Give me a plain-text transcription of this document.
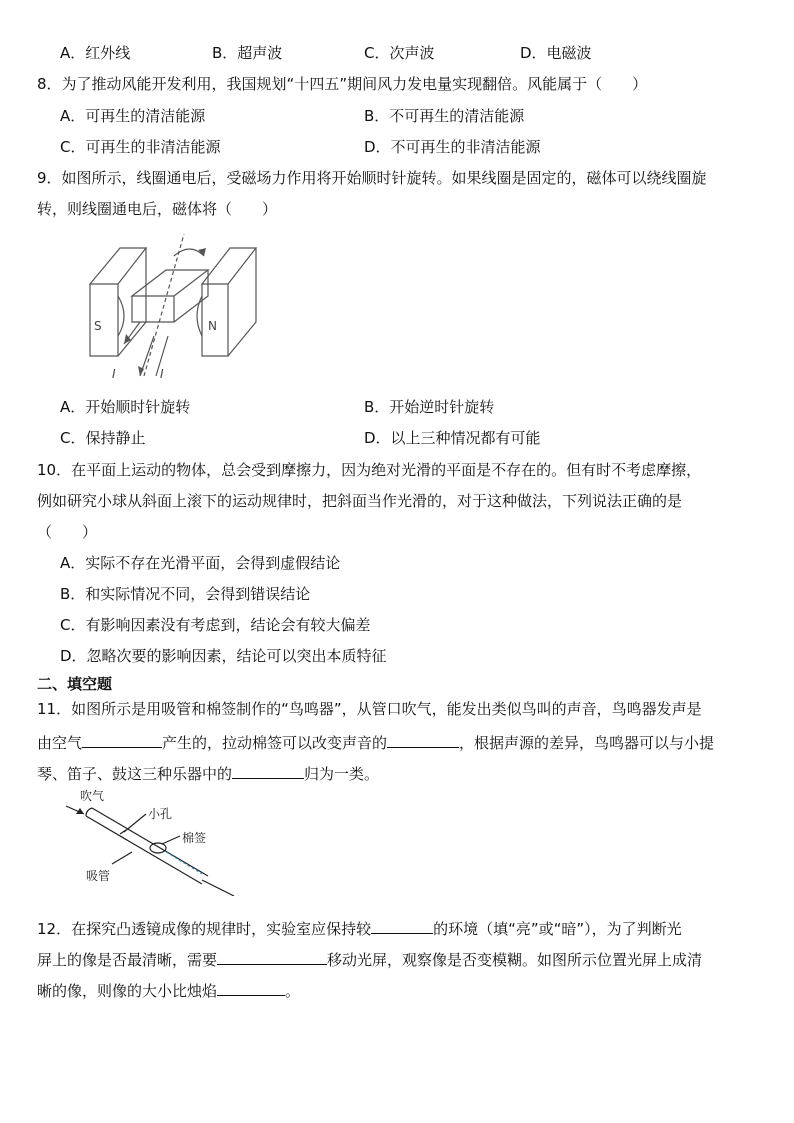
A．红外线	B．超声波	C．次声波	D．电磁波
8．为了推动风能开发利用，我国规划“十四五”期间风力发电量实现翻倍。风能属于（　　）
A．可再生的清洁能源	B．不可再生的清洁能源
C．可再生的非清洁能源	D．不可再生的非清洁能源
9．如图所示，线圈通电后，受磁场力作用将开始顺时针旋转。如果线圈是固定的，磁体可以绕线圈旋
转，则线圈通电后，磁体将（　　）
S	N
I	I
A．开始顺时针旋转	B．开始逆时针旋转
C．保持静止	D．以上三种情况都有可能
10．在平面上运动的物体，总会受到摩擦力，因为绝对光滑的平面是不存在的。但有时不考虑摩擦，
例如研究小球从斜面上滚下的运动规律时，把斜面当作光滑的，对于这种做法，下列说法正确的是
（　　）
A．实际不存在光滑平面，会得到虚假结论
B．和实际情况不同，会得到错误结论
C．有影响因素没有考虑到，结论会有较大偏差
D．忽略次要的影响因素，结论可以突出本质特征
二、填空题
11．如图所示是用吸管和棉签制作的“鸟鸣器”，从管口吹气，能发出类似鸟叫的声音，鸟鸣器发声是
由空气	产生的，拉动棉签可以改变声音的	，根据声源的差异，鸟鸣器可以与小提
琴、笛子、鼓这三种乐器中的	归为一类。
吹气
小孔
棉签
吸管
12．在探究凸透镜成像的规律时，实验室应保持较	的环境（填“亮”或“暗”），为了判断光
屏上的像是否最清晰，需要	移动光屏，观察像是否变模糊。如图所示位置光屏上成清
晰的像，则像的大小比烛焰	。
